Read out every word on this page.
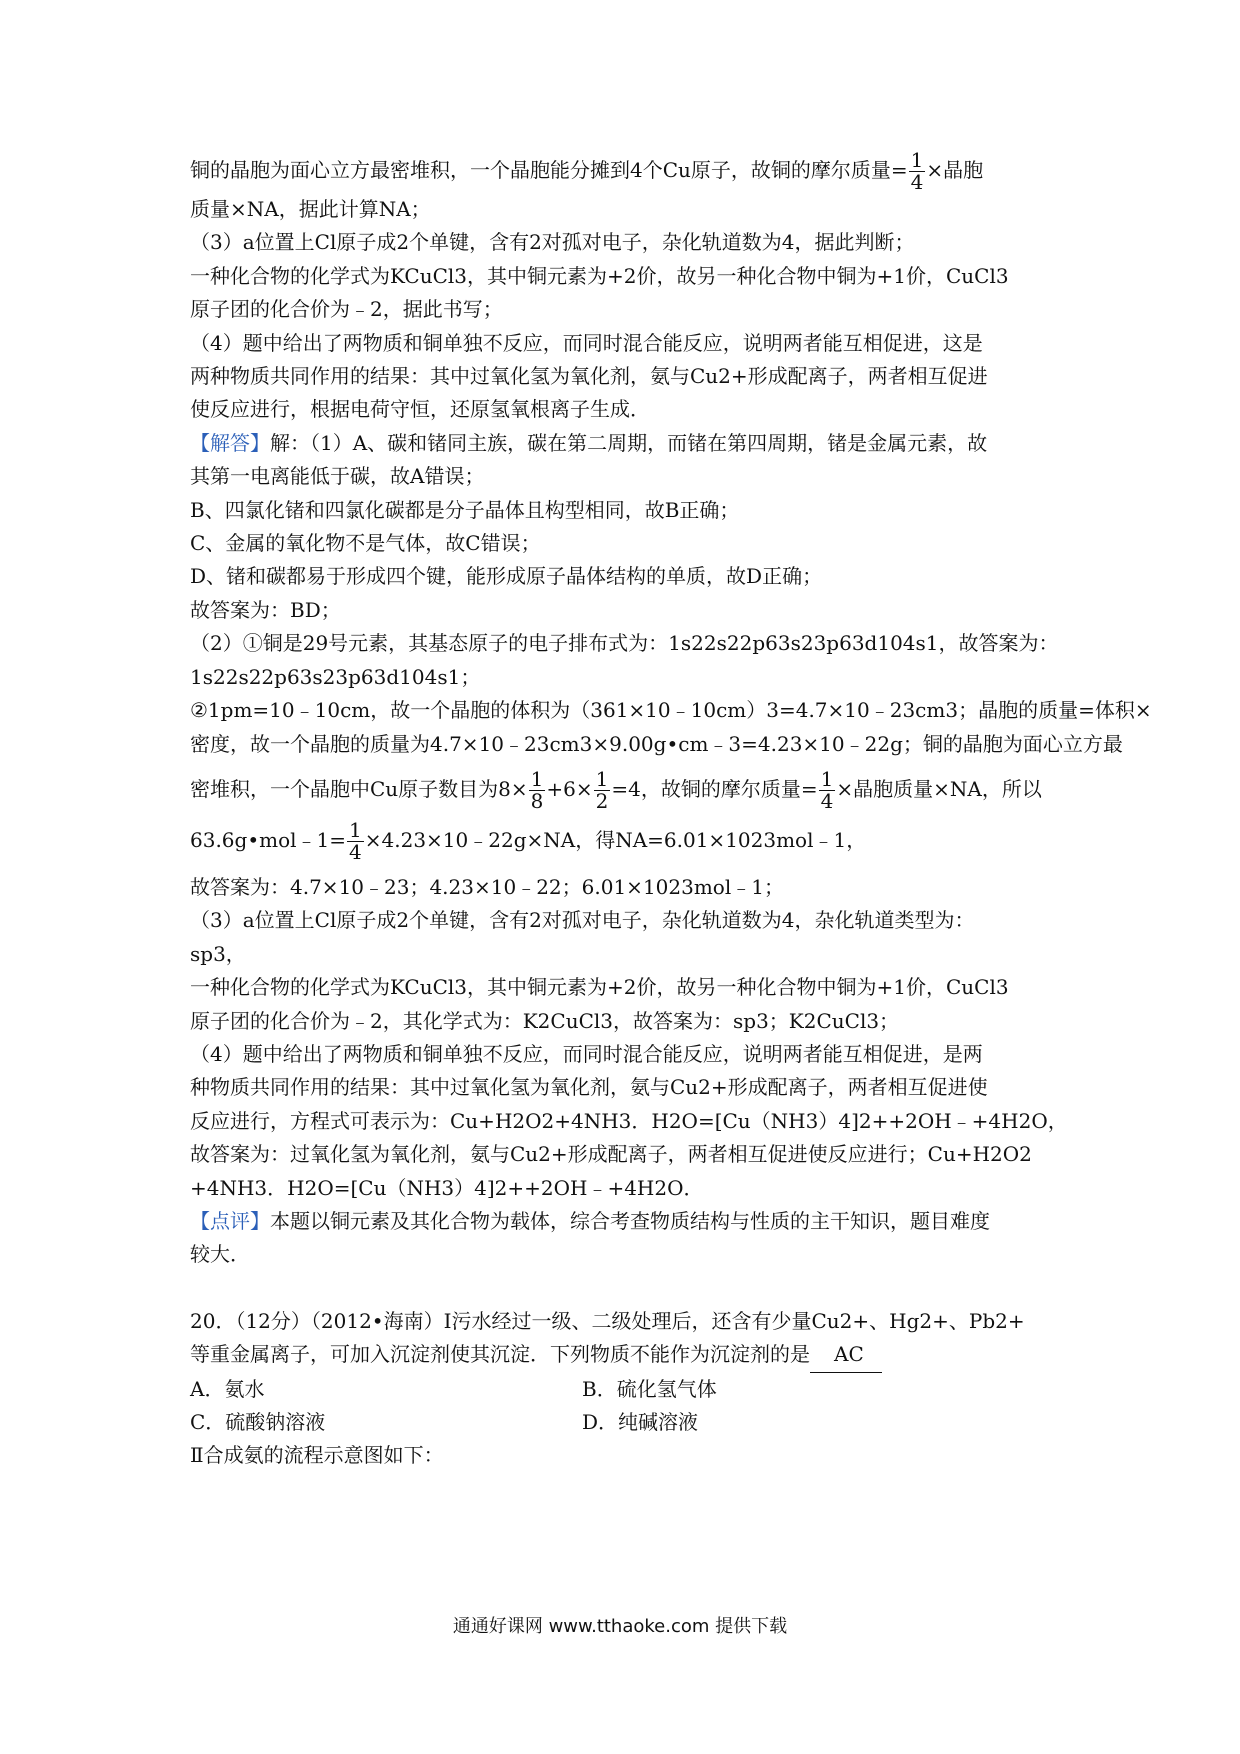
铜的晶胞为面心立方最密堆积，一个晶胞能分摊到4个Cu原子，故铜的摩尔质量= $\frac{1}{4}$ ×晶胞
质量×NA，据此计算NA；
（3）a位置上Cl原子成2个单键，含有2对孤对电子，杂化轨道数为4，据此判断；
一种化合物的化学式为KCuCl3，其中铜元素为+2价，故另一种化合物中铜为+1价，CuCl3
原子团的化合价为﹣2，据此书写；
（4）题中给出了两物质和铜单独不反应，而同时混合能反应，说明两者能互相促进，这是
两种物质共同作用的结果：其中过氧化氢为氧化剂，氨与Cu2+形成配离子，两者相互促进
使反应进行，根据电荷守恒，还原氢氧根离子生成．
【解答】解：（1）A、碳和锗同主族，碳在第二周期，而锗在第四周期，锗是金属元素，故
其第一电离能低于碳，故A错误；
B、四氯化锗和四氯化碳都是分子晶体且构型相同，故B正确；
C、金属的氧化物不是气体，故C错误；
D、锗和碳都易于形成四个键，能形成原子晶体结构的单质，故D正确；
故答案为：BD；
（2）①铜是29号元素，其基态原子的电子排布式为：1s22s22p63s23p63d104s1，故答案为：
1s22s22p63s23p63d104s1；
②1pm=10﹣10cm，故一个晶胞的体积为（361×10﹣10cm）3=4.7×10﹣23cm3；晶胞的质量=体积×
密度，故一个晶胞的质量为4.7×10﹣23cm3×9.00g•cm﹣3=4.23×10﹣22g；铜的晶胞为面心立方最
密堆积，一个晶胞中Cu原子数目为$8\times \frac{1}{8} +6\times \frac{1}{2} =4$，故铜的摩尔质量= $\frac{1}{4}$ ×晶胞质量×NA，所以
63.6g•mol﹣1= $\frac{1}{4}$ ×4.23×10﹣22g×NA，得NA=6.01×1023mol﹣1，
故答案为：4.7×10﹣23；4.23×10﹣22；6.01×1023mol﹣1；
（3）a位置上Cl原子成2个单键，含有2对孤对电子，杂化轨道数为4，杂化轨道类型为：
sp3，
一种化合物的化学式为KCuCl3，其中铜元素为+2价，故另一种化合物中铜为+1价，CuCl3
原子团的化合价为﹣2，其化学式为：K2CuCl3，故答案为：sp3；K2CuCl3；
（4）题中给出了两物质和铜单独不反应，而同时混合能反应，说明两者能互相促进，是两
种物质共同作用的结果：其中过氧化氢为氧化剂，氨与Cu2+形成配离子，两者相互促进使
反应进行，方程式可表示为：Cu+H2O2+4NH3．H2O=[Cu（NH3）4]2++2OH﹣+4H2O，
故答案为：过氧化氢为氧化剂，氨与Cu2+形成配离子，两者相互促进使反应进行；Cu+H2O2
+4NH3．H2O=[Cu（NH3）4]2++2OH﹣+4H2O．
【点评】本题以铜元素及其化合物为载体，综合考查物质结构与性质的主干知识，题目难度
较大．
20．（12分）（2012•海南）Ⅰ污水经过一级、二级处理后，还含有少量Cu2+、Hg2+、Pb2+
等重金属离子，可加入沉淀剂使其沉淀．下列物质不能作为沉淀剂的是 AC
A．氨水	B．硫化氢气体
C．硫酸钠溶液	D．纯碱溶液
Ⅱ合成氨的流程示意图如下：
通通好课网 www.tthaoke.com 提供下载
